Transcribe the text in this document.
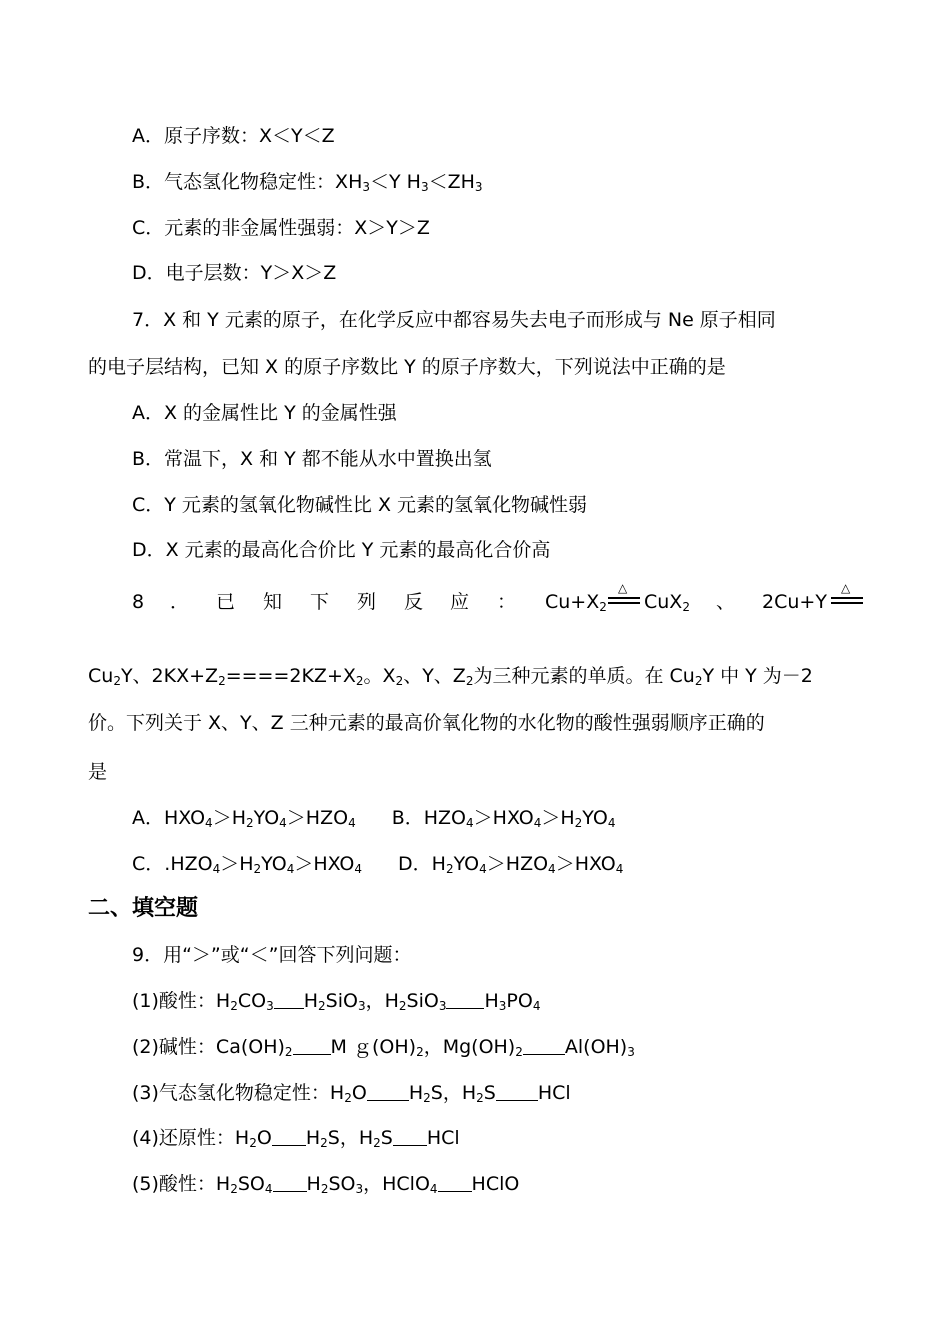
A．原子序数：X＜Y＜Z
B．气态氢化物稳定性：$XH_3<Y$ $H_3<ZH_3$
C．元素的非金属性强弱：X＞Y＞Z
D．电子层数：Y＞X＞Z
7．X 和 Y 元素的原子，在化学反应中都容易失去电子而形成与 Ne 原子相同
的电子层结构，已知 X 的原子序数比 Y 的原子序数大，下列说法中正确的是
A．X 的金属性比 Y 的金属性强
B．常温下，X 和 Y 都不能从水中置换出氢
C．Y 元素的氢氧化物碱性比 X 元素的氢氧化物碱性弱
D．X 元素的最高化合价比 Y 元素的最高化合价高
8 ． 已 知 下 列 反 应 ： $Cu+X_2$
△
CuX$_2$ 、 2Cu+Y
△
$Cu_2Y$、$2KX+Z_2====2KZ+X_2$。$X_2$、Y、$Z_2$为三种元素的单质。在 $Cu_2Y$ 中 Y 为－2
价。下列关于 X、Y、Z 三种元素的最高价氧化物的水化物的酸性强弱顺序正确的
是
A．$HXO_4>H_2YO_4>HZO_4$ B．$HZO_4>HXO_4>H_2YO_4$
C．$.HZO_4>H_2YO_4>HXO_4$ D．$H_2YO_4>HZO_4>HXO_4$
二、填空题
9．用“＞”或“＜”回答下列问题：
(1)酸性：$H_2CO_3$ $H_2SiO_3$，$H_2SiO_3$ $H_3PO_4$
(2)碱性：$Ca(OH)_2$ M $g(OH)_2$，$Mg(OH)_2$ $Al(OH)_3$
(3)气态氢化物稳定性：$H_2O$ $H_2S$，$H_2S$ HCl
(4)还原性：$H_2O$ $H_2S$，$H_2S$ HCl
(5)酸性：$H_2SO_4$ $H_2SO_3$，HClO$_4$ HClO
